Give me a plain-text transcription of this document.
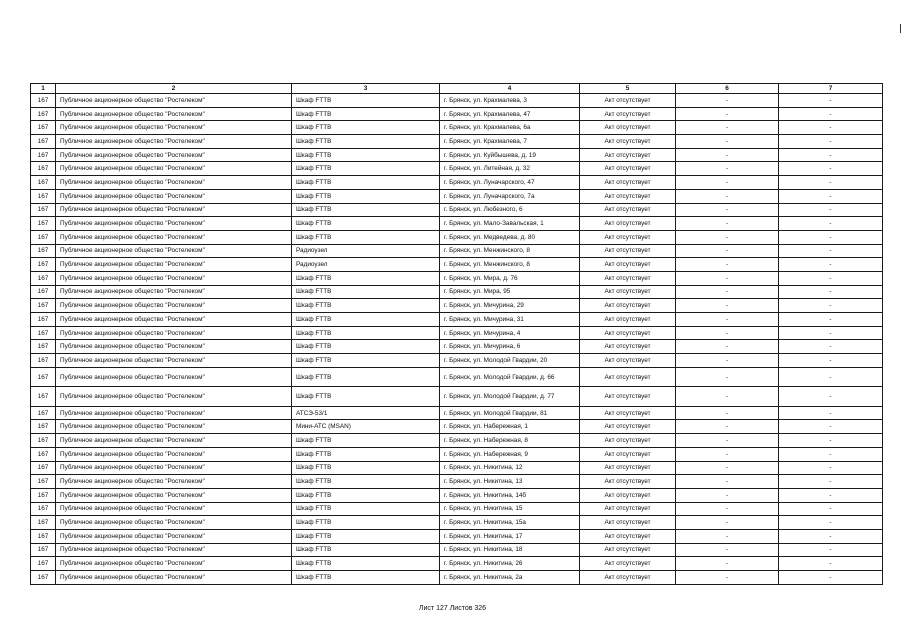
1	2	3	4	5	6	7
167	Публичное акционерное общество "Ростелеком"	Шкаф FTTB	г. Брянск, ул. Крахмалева, 3	Акт отсутствует	-	-
167	Публичное акционерное общество "Ростелеком"	Шкаф FTTB	г. Брянск, ул. Крахмалева, 47	Акт отсутствует	-	-
167	Публичное акционерное общество "Ростелеком"	Шкаф FTTB	г. Брянск, ул. Крахмалева, 6а	Акт отсутствует	-	-
167	Публичное акционерное общество "Ростелеком"	Шкаф FTTB	г. Брянск, ул. Крахмалева, 7	Акт отсутствует	-	-
167	Публичное акционерное общество "Ростелеком"	Шкаф FTTB	г. Брянск, ул. Куйбышева, д. 19	Акт отсутствует	-	-
167	Публичное акционерное общество "Ростелеком"	Шкаф FTTB	г. Брянск, ул. Литейная, д. 32	Акт отсутствует	-	-
167	Публичное акционерное общество "Ростелеком"	Шкаф FTTB	г. Брянск, ул. Луначарского, 47	Акт отсутствует	-	-
167	Публичное акционерное общество "Ростелеком"	Шкаф FTTB	г. Брянск, ул. Луначарского, 7а	Акт отсутствует	-	-
167	Публичное акционерное общество "Ростелеком"	Шкаф FTTB	г. Брянск, ул. Любезного, 6	Акт отсутствует	-	-
167	Публичное акционерное общество "Ростелеком"	Шкаф FTTB	г. Брянск, ул. Мало-Завальская, 1	Акт отсутствует	-	-
167	Публичное акционерное общество "Ростелеком"	Шкаф FTTB	г. Брянск, ул. Медведева, д. 80	Акт отсутствует	-	-
167	Публичное акционерное общество "Ростелеком"	Радиоузел	г. Брянск, ул. Менжинского, 8	Акт отсутствует	-	-
167	Публичное акционерное общество "Ростелеком"	Радиоузел	г. Брянск, ул. Менжинского, 8	Акт отсутствует	-	-
167	Публичное акционерное общество "Ростелеком"	Шкаф FTTB	г. Брянск, ул. Мира, д. 76	Акт отсутствует	-	-
167	Публичное акционерное общество "Ростелеком"	Шкаф FTTB	г. Брянск, ул. Мира, 95	Акт отсутствует	-	-
167	Публичное акционерное общество "Ростелеком"	Шкаф FTTB	г. Брянск, ул. Мичурина, 29	Акт отсутствует	-	-
167	Публичное акционерное общество "Ростелеком"	Шкаф FTTB	г. Брянск, ул. Мичурина, 31	Акт отсутствует	-	-
167	Публичное акционерное общество "Ростелеком"	Шкаф FTTB	г. Брянск, ул. Мичурина, 4	Акт отсутствует	-	-
167	Публичное акционерное общество "Ростелеком"	Шкаф FTTB	г. Брянск, ул. Мичурина, 6	Акт отсутствует	-	-
167	Публичное акционерное общество "Ростелеком"	Шкаф FTTB	г. Брянск, ул. Молодой Гвардии, 20	Акт отсутствует	-	-
167	Публичное акционерное общество "Ростелеком"	Шкаф FTTB	г. Брянск, ул. Молодой Гвардии, д. 66	Акт отсутствует	-	-
167	Публичное акционерное общество "Ростелеком"	Шкаф FTTB	г. Брянск, ул. Молодой Гвардии, д. 77	Акт отсутствует	-	-
167	Публичное акционерное общество "Ростелеком"	АТСЭ-53/1	г. Брянск, ул. Молодой Гвардии, 81	Акт отсутствует	-	-
167	Публичное акционерное общество "Ростелеком"	Мини-АТС (MSAN)	г. Брянск, ул. Набережная, 1	Акт отсутствует	-	-
167	Публичное акционерное общество "Ростелеком"	Шкаф FTTB	г. Брянск, ул. Набережная, 8	Акт отсутствует	-	-
167	Публичное акционерное общество "Ростелеком"	Шкаф FTTB	г. Брянск, ул. Набережная, 9	Акт отсутствует	-	-
167	Публичное акционерное общество "Ростелеком"	Шкаф FTTB	г. Брянск, ул. Никитина, 12	Акт отсутствует	-	-
167	Публичное акционерное общество "Ростелеком"	Шкаф FTTB	г. Брянск, ул. Никитина, 13	Акт отсутствует	-	-
167	Публичное акционерное общество "Ростелеком"	Шкаф FTTB	г. Брянск, ул. Никитина, 14б	Акт отсутствует	-	-
167	Публичное акционерное общество "Ростелеком"	Шкаф FTTB	г. Брянск, ул. Никитина, 15	Акт отсутствует	-	-
167	Публичное акционерное общество "Ростелеком"	Шкаф FTTB	г. Брянск, ул. Никитина, 15а	Акт отсутствует	-	-
167	Публичное акционерное общество "Ростелеком"	Шкаф FTTB	г. Брянск, ул. Никитина, 17	Акт отсутствует	-	-
167	Публичное акционерное общество "Ростелеком"	Шкаф FTTB	г. Брянск, ул. Никитина, 18	Акт отсутствует	-	-
167	Публичное акционерное общество "Ростелеком"	Шкаф FTTB	г. Брянск, ул. Никитина, 26	Акт отсутствует	-	-
167	Публичное акционерное общество "Ростелеком"	Шкаф FTTB	г. Брянск, ул. Никитина, 2а	Акт отсутствует	-	-
Лист 127 Листов 326
